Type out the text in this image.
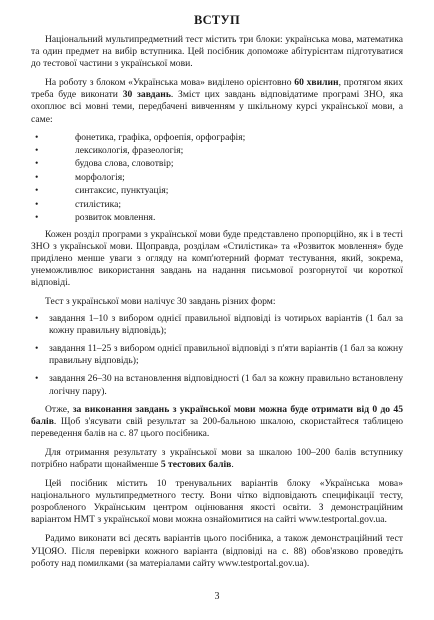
ВСТУП

Національний мультипредметний тест містить три блоки: українська мова, математика та один предмет на вибір вступника. Цей посібник допоможе абітурієнтам підготуватися до тестової частини з української мови.

На роботу з блоком «Українська мова» виділено орієнтовно 60 хвилин, протягом яких треба буде виконати 30 завдань. Зміст цих завдань відповідатиме програмі ЗНО, яка охоплює всі мовні теми, передбачені вивченням у шкільному курсі української мови, а саме:

• фонетика, графіка, орфоепія, орфографія;
• лексикологія, фразеологія;
• будова слова, словотвір;
• морфологія;
• синтаксис, пунктуація;
• стилістика;
• розвиток мовлення.

Кожен розділ програми з української мови буде представлено пропорційно, як і в тесті ЗНО з української мови. Щоправда, розділам «Стилістика» та «Розвиток мовлення» буде приділено менше уваги з огляду на комп'ютерний формат тестування, який, зокрема, унеможливлює використання завдань на надання письмової розгорнутої чи короткої відповіді.

Тест з української мови налічує 30 завдань різних форм:

• завдання 1–10 з вибором однієї правильної відповіді із чотирьох варіантів (1 бал за кожну правильну відповідь);
• завдання 11–25 з вибором однієї правильної відповіді з п'яти варіантів (1 бал за кожну правильну відповідь);
• завдання 26–30 на встановлення відповідності (1 бал за кожну правильно встановлену логічну пару).

Отже, за виконання завдань з української мови можна буде отримати від 0 до 45 балів. Щоб з'ясувати свій результат за 200-бальною шкалою, скористайтеся таблицею переведення балів на с. 87 цього посібника.

Для отримання результату з української мови за шкалою 100–200 балів вступнику потрібно набрати щонайменше 5 тестових балів.

Цей посібник містить 10 тренувальних варіантів блоку «Українська мова» національного мультипредметного тесту. Вони чітко відповідають специфікації тесту, розробленого Українським центром оцінювання якості освіти. З демонстраційним варіантом НМТ з української мови можна ознайомитися на сайті www.testportal.gov.ua.

Радимо виконати всі десять варіантів цього посібника, а також демонстраційний тест УЦОЯО. Після перевірки кожного варіанта (відповіді на с. 88) обов'язково проведіть роботу над помилками (за матеріалами сайту www.testportal.gov.ua).

3
